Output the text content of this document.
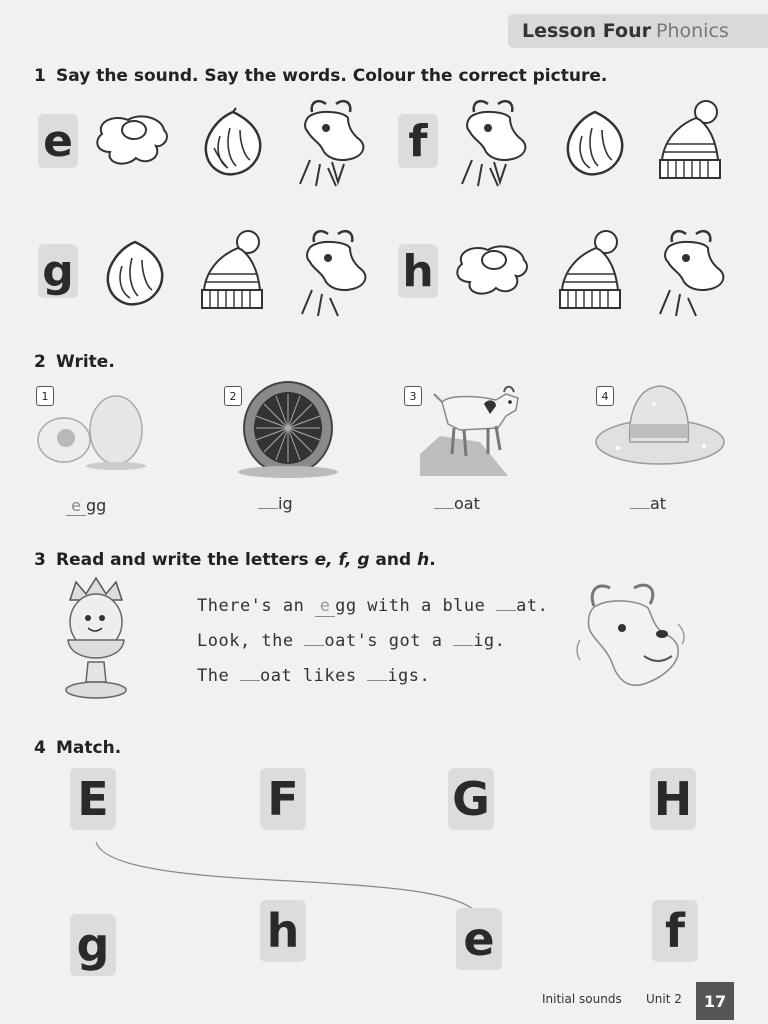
Lesson Four Phonics
1 Say the sound. Say the words. Colour the correct picture.
e	f
g	h
2 Write.
1	2	3	4
e gg	ig	oat	at
3 Read and write the letters e, f, g and h.
There's an e gg with a blue at.
Look, the oat's got a ig.
The oat likes igs.
4 Match.
E	F	G	H
g	h	e	f
Initial sounds Unit 2	17
